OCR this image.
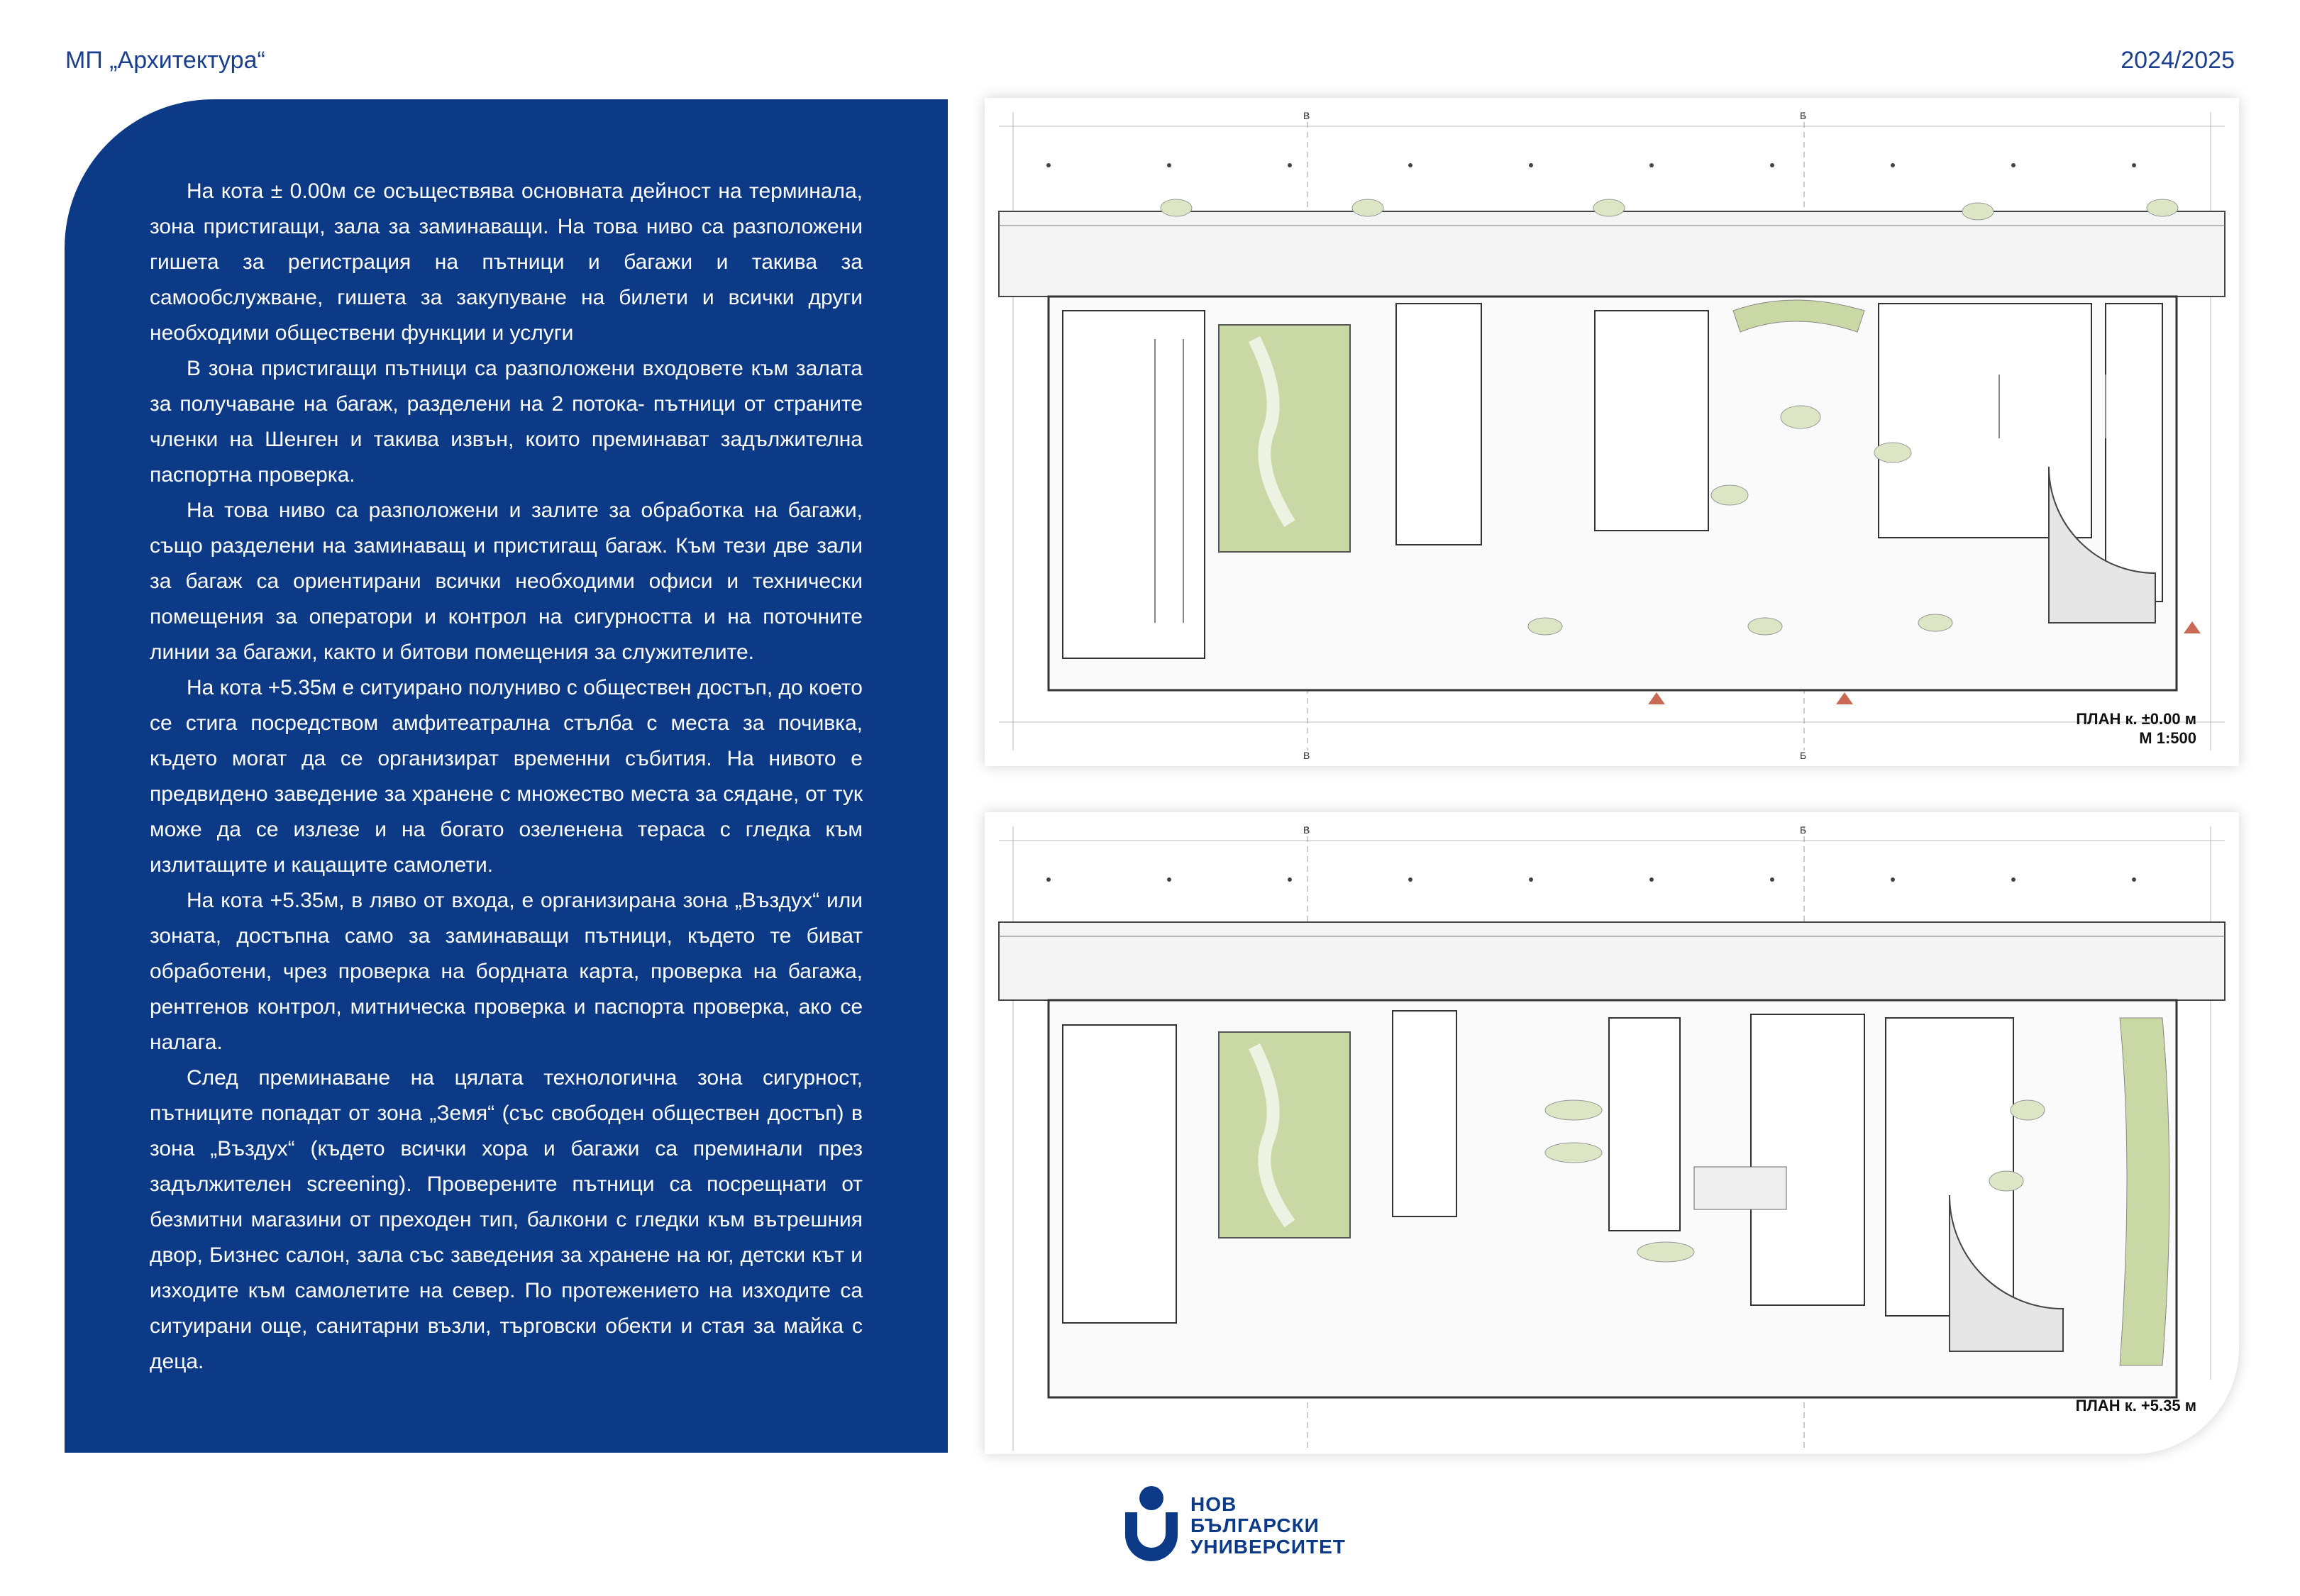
МП „Архитектура“	2024/2025

На кота ± 0.00м се осъществява основната дейност на терминала, зона пристигащи, зала за заминаващи. На това ниво са разположени гишета за регистрация на пътници и багажи и такива за самообслужване, гишета за закупуване на билети и всички други необходими обществени функции и услуги

В зона пристигащи пътници са разположени входовете към залата за получаване на багаж, разделени на 2 потока- пътници от страните членки на Шенген и такива извън, които преминават задължителна паспортна проверка.

На това ниво са разположени и залите за обработка на багажи, също разделени на заминаващ и пристигащ багаж. Към тези две зали за багаж са ориентирани всички необходими офиси и технически помещения за оператори и контрол на сигурността и на поточните линии за багажи, както и битови помещения за служителите.

На кота +5.35м е ситуирано полуниво с обществен достъп, до което се стига посредством амфитеатрална стълба с места за почивка, където могат да се организират временни събития. На нивото е предвидено заведение за хранене с множество места за сядане, от тук може да се излезе и на богато озеленена тераса с гледка към излитащите и кацащите самолети.

На кота +5.35м, в ляво от входа, е организирана зона „Въздух“ или зоната, достъпна само за заминаващи пътници, където те биват обработени, чрез проверка на бордната карта, проверка на багажа, рентгенов контрол, митническа проверка и паспорта проверка, ако се налага.

След преминаване на цялата технологична зона сигурност, пътниците попадат от зона „Земя“ (със свободен обществен достъп) в зона „Въздух“ (където всички хора и багажи са преминали през задължителен screening). Проверените пътници са посрещнати от безмитни магазини от преходен тип, балкони с гледки към вътрешния двор, Бизнес салон, зала със заведения за хранене на юг, детски кът и изходите към самолетите на север. По протежението на изходите са ситуирани още, санитарни възли, търговски обекти и стая за майка с деца.

В	Б
В	Б
ПЛАН к. ±0.00 м
М 1:500
В	Б
ПЛАН к. +5.35 м
НОВ
БЪЛГАРСКИ
УНИВЕРСИТЕТ
